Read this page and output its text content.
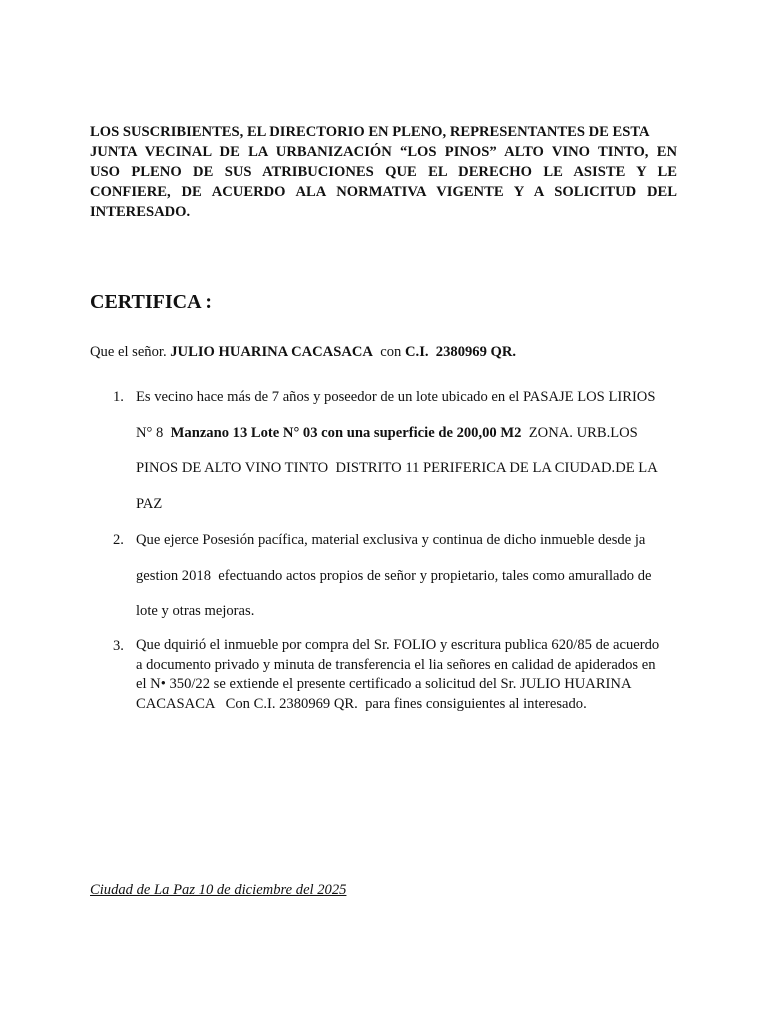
LOS SUSCRIBIENTES, EL DIRECTORIO EN PLENO, REPRESENTANTES DE ESTA
JUNTA VECINAL DE LA URBANIZACIÓN “LOS PINOS” ALTO VINO TINTO, EN
USO PLENO DE SUS ATRIBUCIONES QUE EL DERECHO LE ASISTE Y LE
CONFIERE, DE ACUERDO ALA NORMATIVA VIGENTE Y A SOLICITUD DEL
INTERESADO.

CERTIFICA :

Que el señor. JULIO HUARINA CACASACA  con C.I.  2380969 QR.

1. Es vecino hace más de 7 años y poseedor de un lote ubicado en el PASAJE LOS LIRIOS
N° 8  Manzano 13 Lote N° 03 con una superficie de 200,00 M2  ZONA. URB.LOS
PINOS DE ALTO VINO TINTO  DISTRITO 11 PERIFERICA DE LA CIUDAD.DE LA
PAZ
2. Que ejerce Posesión pacífica, material exclusiva y continua de dicho inmueble desde ja
gestion 2018  efectuando actos propios de señor y propietario, tales como amurallado de
lote y otras mejoras.
3. Que dquirió el inmueble por compra del Sr. FOLIO y escritura publica 620/85 de acuerdo
a documento privado y minuta de transferencia el lia señores en calidad de apiderados en
el N• 350/22 se extiende el presente certificado a solicitud del Sr. JULIO HUARINA
CACASACA   Con C.I. 2380969 QR.  para fines consiguientes al interesado.

Ciudad de La Paz 10 de diciembre del 2025
